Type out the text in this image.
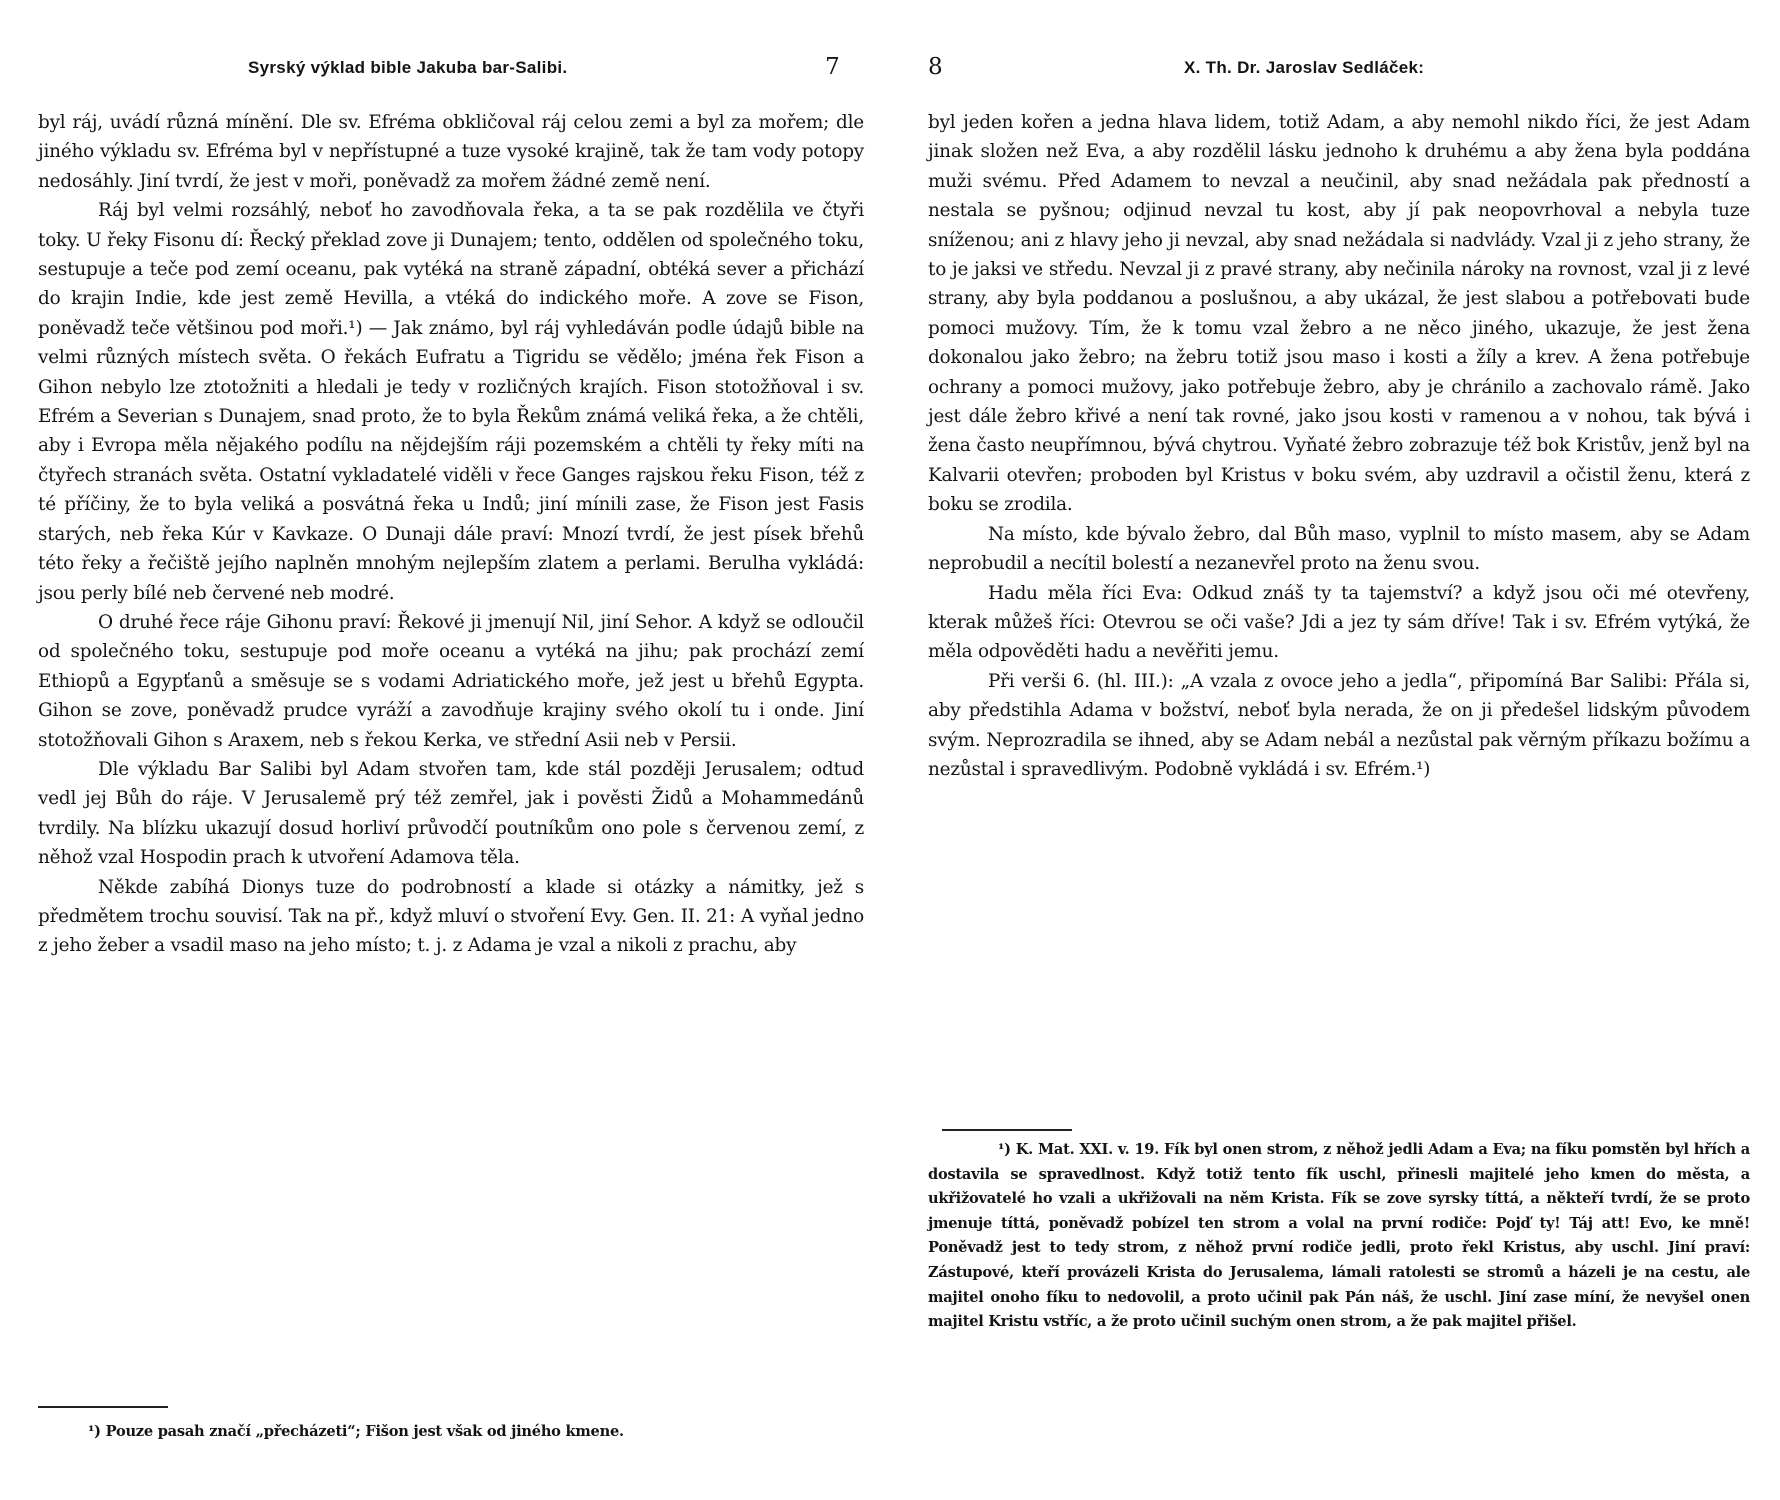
Syrský výklad bible Jakuba bar-Salibi.	7

byl ráj, uvádí různá mínění. Dle sv. Efréma obkličoval ráj celou zemi a byl za mořem; dle jiného výkladu sv. Efréma byl v nepřístupné a tuze vysoké krajině, tak že tam vody potopy nedosáhly. Jiní tvrdí, že jest v moři, poněvadž za mořem žádné země není.

Ráj byl velmi rozsáhlý, neboť ho zavodňovala řeka, a ta se pak rozdělila ve čtyři toky. U řeky Fisonu dí: Řecký překlad zove ji Dunajem; tento, oddělen od společného toku, sestupuje a teče pod zemí oceanu, pak vytéká na straně západní, obtéká sever a přichází do krajin Indie, kde jest země Hevilla, a vtéká do indického moře. A zove se Fison, poněvadž teče většinou pod moři.¹) — Jak známo, byl ráj vyhledáván podle údajů bible na velmi různých místech světa. O řekách Eufratu a Tigridu se vědělo; jména řek Fison a Gihon nebylo lze ztotožniti a hledali je tedy v rozličných krajích. Fison stotožňoval i sv. Efrém a Severian s Dunajem, snad proto, že to byla Řekům známá veliká řeka, a že chtěli, aby i Evropa měla nějakého podílu na nějdejším ráji pozemském a chtěli ty řeky míti na čtyřech stranách světa. Ostatní vykladatelé viděli v řece Ganges rajskou řeku Fison, též z té příčiny, že to byla veliká a posvátná řeka u Indů; jiní mínili zase, že Fison jest Fasis starých, neb řeka Kúr v Kavkaze. O Dunaji dále praví: Mnozí tvrdí, že jest písek břehů této řeky a řečiště jejího naplněn mnohým nejlepším zlatem a perlami. Berulha vykládá: jsou perly bílé neb červené neb modré.

O druhé řece ráje Gihonu praví: Řekové ji jmenují Nil, jiní Sehor. A když se odloučil od společného toku, sestupuje pod moře oceanu a vytéká na jihu; pak prochází zemí Ethiopů a Egypťanů a směsuje se s vodami Adriatického moře, jež jest u břehů Egypta. Gihon se zove, poněvadž prudce vyráží a zavodňuje krajiny svého okolí tu i onde. Jiní stotožňovali Gihon s Araxem, neb s řekou Kerka, ve střední Asii neb v Persii.

Dle výkladu Bar Salibi byl Adam stvořen tam, kde stál později Jerusalem; odtud vedl jej Bůh do ráje. V Jerusalemě prý též zemřel, jak i pověsti Židů a Mohammedánů tvrdily. Na blízku ukazují dosud horliví průvodčí poutníkům ono pole s červenou zemí, z něhož vzal Hospodin prach k utvoření Adamova těla.

Někde zabíhá Dionys tuze do podrobností a klade si otázky a námitky, jež s předmětem trochu souvisí. Tak na př., když mluví o stvoření Evy. Gen. II. 21: A vyňal jedno z jeho žeber a vsadil maso na jeho místo; t. j. z Adama je vzal a nikoli z prachu, aby

¹) Pouze pasah značí „přecházeti“; Fišon jest však od jiného kmene.

8	X. Th. Dr. Jaroslav Sedláček:

byl jeden kořen a jedna hlava lidem, totiž Adam, a aby nemohl nikdo říci, že jest Adam jinak složen než Eva, a aby rozdělil lásku jednoho k druhému a aby žena byla poddána muži svému. Před Adamem to nevzal a neučinil, aby snad nežádala pak předností a nestala se pyšnou; odjinud nevzal tu kost, aby jí pak neopovrhoval a nebyla tuze sníženou; ani z hlavy jeho ji nevzal, aby snad nežádala si nadvlády. Vzal ji z jeho strany, že to je jaksi ve středu. Nevzal ji z pravé strany, aby nečinila nároky na rovnost, vzal ji z levé strany, aby byla poddanou a poslušnou, a aby ukázal, že jest slabou a potřebovati bude pomoci mužovy. Tím, že k tomu vzal žebro a ne něco jiného, ukazuje, že jest žena dokonalou jako žebro; na žebru totiž jsou maso i kosti a žíly a krev. A žena potřebuje ochrany a pomoci mužovy, jako potřebuje žebro, aby je chránilo a zachovalo rámě. Jako jest dále žebro křivé a není tak rovné, jako jsou kosti v ramenou a v nohou, tak bývá i žena často neupřímnou, bývá chytrou. Vyňaté žebro zobrazuje též bok Kristův, jenž byl na Kalvarii otevřen; proboden byl Kristus v boku svém, aby uzdravil a očistil ženu, která z boku se zrodila.

Na místo, kde bývalo žebro, dal Bůh maso, vyplnil to místo masem, aby se Adam neprobudil a necítil bolestí a nezanevřel proto na ženu svou.

Hadu měla říci Eva: Odkud znáš ty ta tajemství? a když jsou oči mé otevřeny, kterak můžeš říci: Otevrou se oči vaše? Jdi a jez ty sám dříve! Tak i sv. Efrém vytýká, že měla odpověděti hadu a nevěřiti jemu.

Při verši 6. (hl. III.): „A vzala z ovoce jeho a jedla“, připomíná Bar Salibi: Přála si, aby předstihla Adama v božství, neboť byla nerada, že on ji předešel lidským původem svým. Neprozradila se ihned, aby se Adam nebál a nezůstal pak věrným příkazu božímu a nezůstal i spravedlivým. Podobně vykládá i sv. Efrém.¹)

¹) K. Mat. XXI. v. 19. Fík byl onen strom, z něhož jedli Adam a Eva; na fíku pomstěn byl hřích a dostavila se spravedlnost. Když totiž tento fík uschl, přinesli majitelé jeho kmen do města, a ukřižovatelé ho vzali a ukřižovali na něm Krista. Fík se zove syrsky títtá, a někteří tvrdí, že se proto jmenuje títtá, poněvadž pobízel ten strom a volal na první rodiče: Pojď ty! Táj att! Evo, ke mně! Poněvadž jest to tedy strom, z něhož první rodiče jedli, proto řekl Kristus, aby uschl. Jiní praví: Zástupové, kteří provázeli Krista do Jerusalema, lámali ratolesti se stromů a házeli je na cestu, ale majitel onoho fíku to nedovolil, a proto učinil pak Pán náš, že uschl. Jiní zase míní, že nevyšel onen majitel Kristu vstříc, a že proto učinil suchým onen strom, a že pak majitel přišel.
